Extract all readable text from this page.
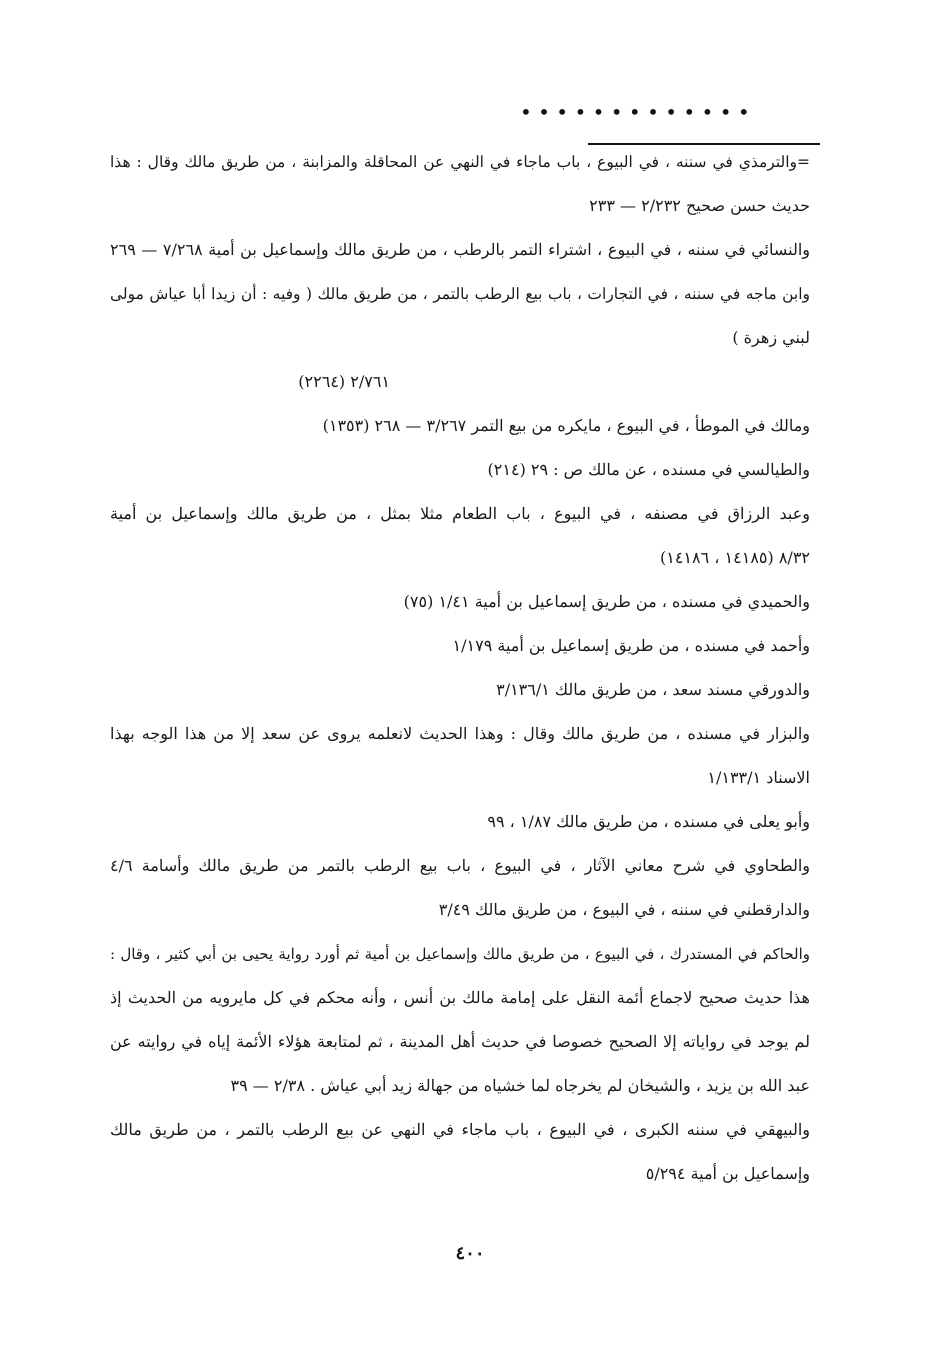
• • • • • • • • • • • • •
=والترمذي في سننه ، في البيوع ، باب ماجاء في النهي عن المحاقلة والمزابنة ، من طريق مالك وقال : هذا
حديث حسن صحيح ٢/٢٣٢ — ٢٣٣
والنسائي في سننه ، في البيوع ، اشتراء التمر بالرطب ، من طريق مالك وإسماعيل بن أمية ٧/٢٦٨ — ٢٦٩
وابن ماجه في سننه ، في التجارات ، باب بيع الرطب بالتمر ، من طريق مالك ( وفيه : أن زيدا أبا عياش مولى
لبني زهرة )
٢/٧٦١ (٢٢٦٤)
ومالك في الموطأ ، في البيوع ، مايكره من بيع التمر ٣/٢٦٧ — ٢٦٨ (١٣٥٣)
والطيالسي في مسنده ، عن مالك ص : ٢٩ (٢١٤)
وعبد الرزاق في مصنفه ، في البيوع ، باب الطعام مثلا بمثل ، من طريق مالك وإسماعيل بن أمية
٨/٣٢ (١٤١٨٥ ، ١٤١٨٦)
والحميدي في مسنده ، من طريق إسماعيل بن أمية ١/٤١ (٧٥)
وأحمد في مسنده ، من طريق إسماعيل بن أمية ١/١٧٩
والدورقي مسند سعد ، من طريق مالك ٣/١٣٦/١
والبزار في مسنده ، من طريق مالك وقال : وهذا الحديث لانعلمه يروى عن سعد إلا من هذا الوجه بهذا
الاسناد ١/١٣٣/١
وأبو يعلى في مسنده ، من طريق مالك ١/٨٧ ، ٩٩
والطحاوي في شرح معاني الآثار ، في البيوع ، باب بيع الرطب بالتمر من طريق مالك وأسامة ٤/٦
والدارقطني في سننه ، في البيوع ، من طريق مالك ٣/٤٩
والحاكم في المستدرك ، في البيوع ، من طريق مالك وإسماعيل بن أمية ثم أورد رواية يحيى بن أبي كثير ، وقال :
هذا حديث صحيح لاجماع أئمة النقل على إمامة مالك بن أنس ، وأنه محكم في كل مايرويه من الحديث إذ
لم يوجد في رواياته إلا الصحيح خصوصا في حديث أهل المدينة ، ثم لمتابعة هؤلاء الأئمة إياه في روايته عن
عبد الله بن يزيد ، والشيخان لم يخرجاه لما خشياه من جهالة زيد أبي عياش . ٢/٣٨ — ٣٩
والبيهقي في سننه الكبرى ، في البيوع ، باب ماجاء في النهي عن بيع الرطب بالتمر ، من طريق مالك
وإسماعيل بن أمية ٥/٢٩٤
٤٠٠
